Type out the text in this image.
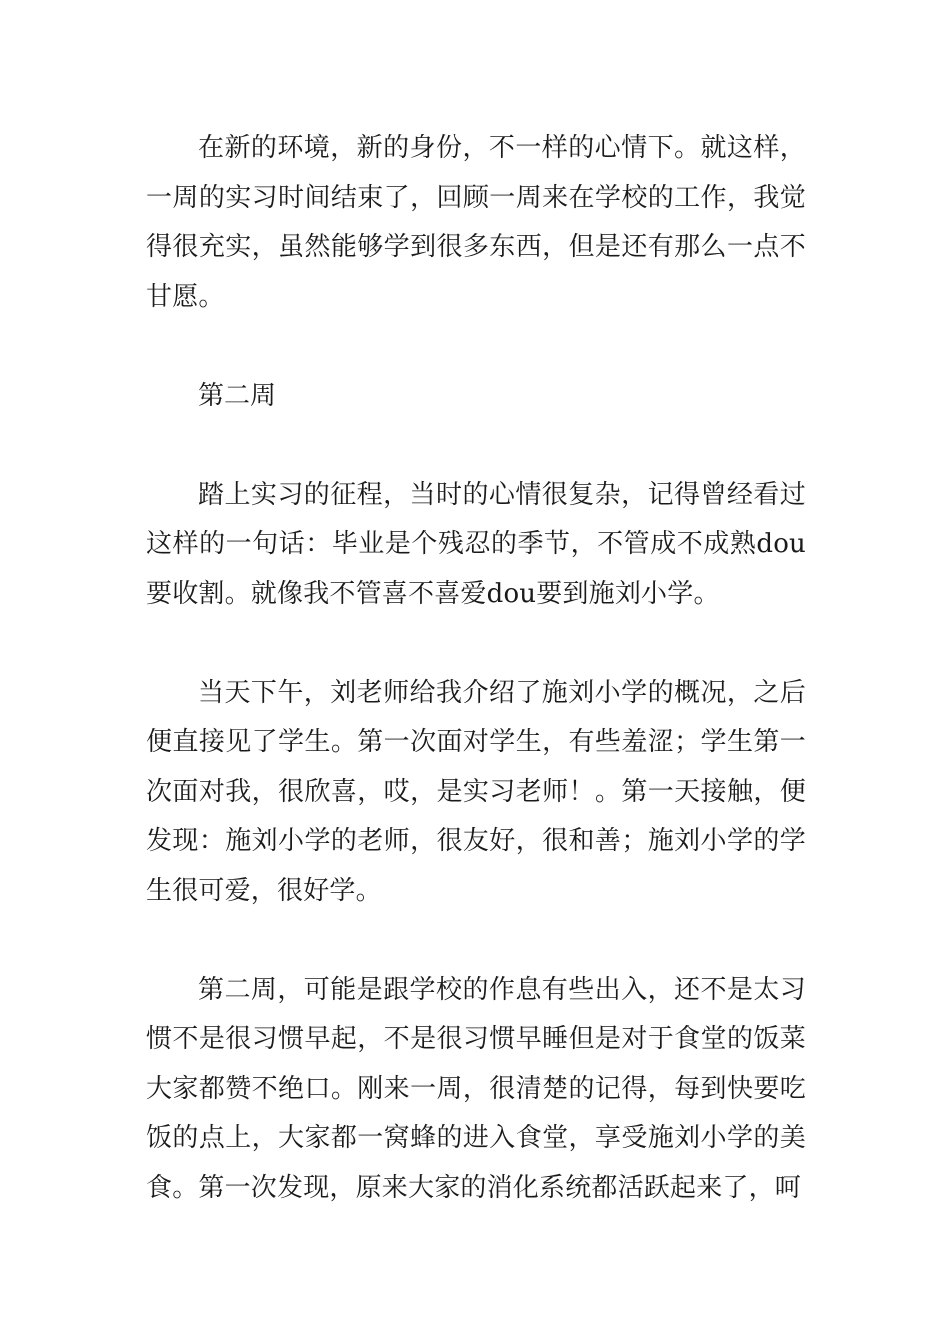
在新的环境，新的身份，不一样的心情下。就这样，一周的实习时间结束了，回顾一周来在学校的工作，我觉得很充实，虽然能够学到很多东西，但是还有那么一点不甘愿。

第二周

踏上实习的征程，当时的心情很复杂，记得曾经看过这样的一句话：毕业是个残忍的季节，不管成不成熟dou要收割。就像我不管喜不喜爱dou要到施刘小学。

当天下午，刘老师给我介绍了施刘小学的概况，之后便直接见了学生。第一次面对学生，有些羞涩；学生第一次面对我，很欣喜，哎，是实习老师！。第一天接触，便发现：施刘小学的老师，很友好，很和善；施刘小学的学生很可爱，很好学。

第二周，可能是跟学校的作息有些出入，还不是太习惯不是很习惯早起，不是很习惯早睡但是对于食堂的饭菜大家都赞不绝口。刚来一周，很清楚的记得，每到快要吃饭的点上，大家都一窝蜂的进入食堂，享受施刘小学的美食。第一次发现，原来大家的消化系统都活跃起来了，呵
